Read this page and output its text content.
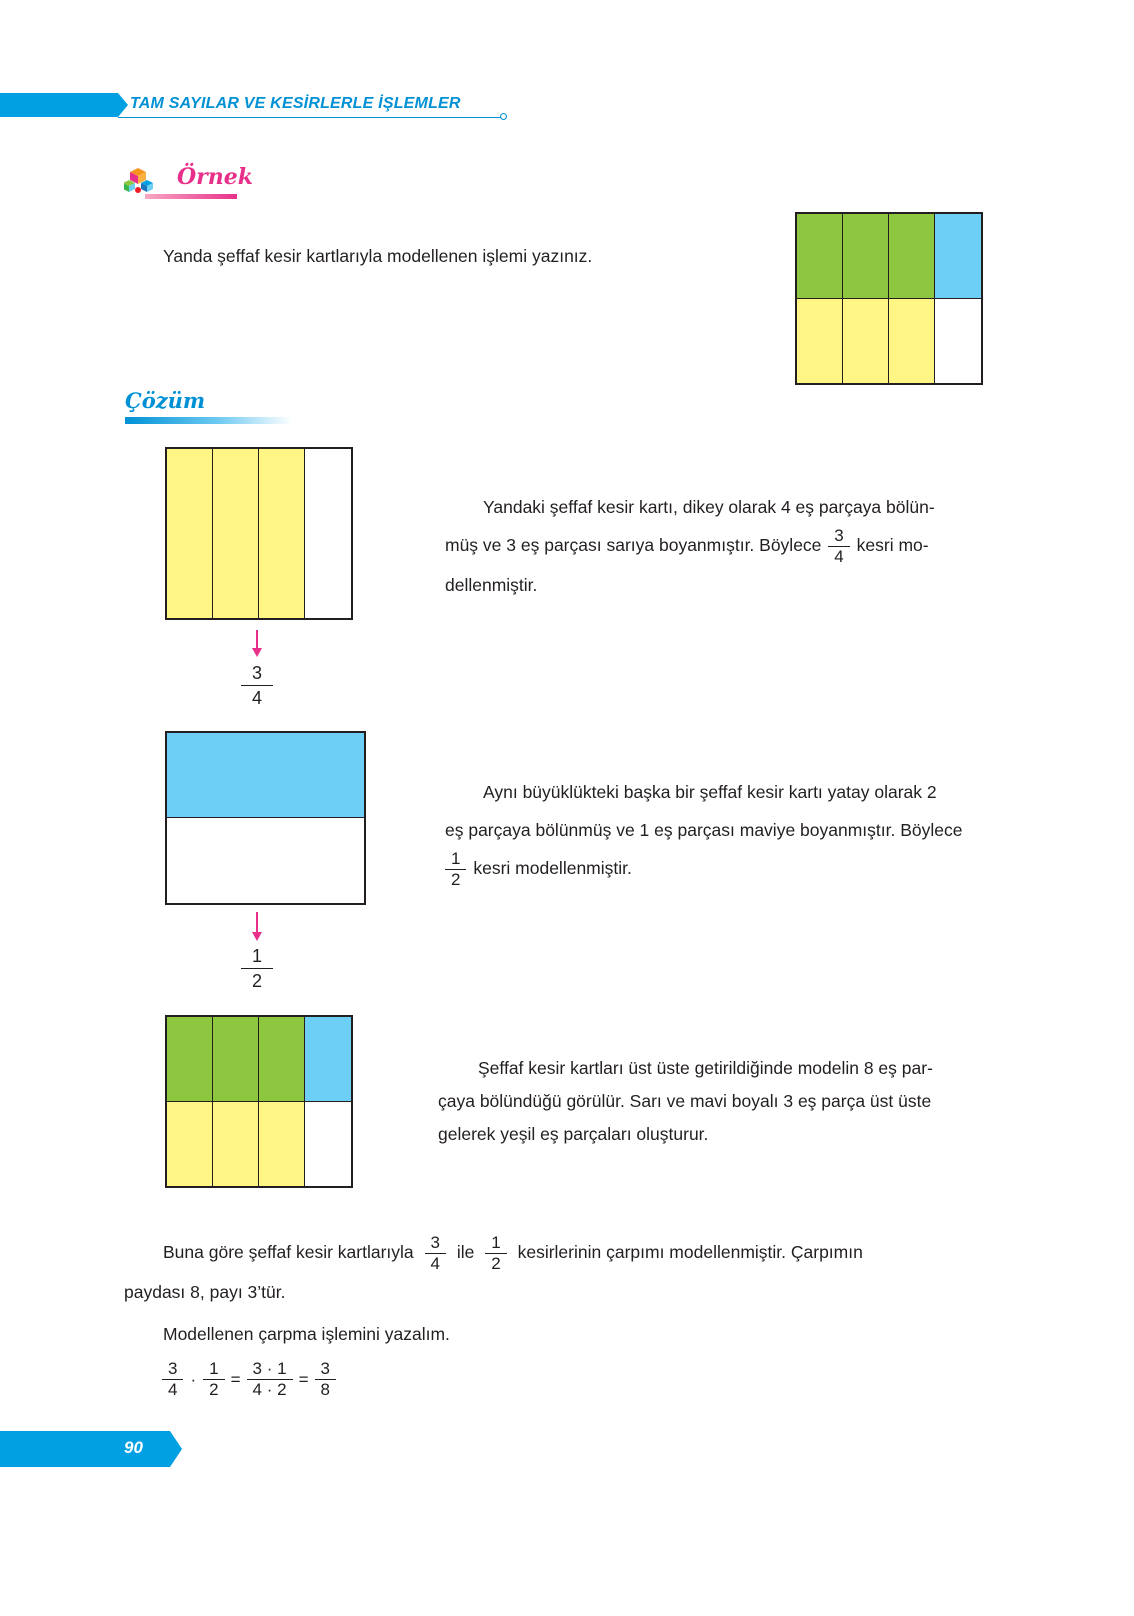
TAM SAYILAR VE KESİRLERLE İŞLEMLER
Örnek
Yanda şeffaf kesir kartlarıyla modellenen işlemi yazınız.
Çözüm
$\frac{3}{4}$
Yandaki şeffaf kesir kartı, dikey olarak 4 eş parçaya bölün-
müş ve 3 eş parçası sarıya boyanmıştır. Böylece $\frac{3}{4}$ kesri mo-
dellenmiştir.
$\frac{1}{2}$
Aynı büyüklükteki başka bir şeffaf kesir kartı yatay olarak 2
eş parçaya bölünmüş ve 1 eş parçası maviye boyanmıştır. Böylece
$\frac{1}{2}$ kesri modellenmiştir.
Şeffaf kesir kartları üst üste getirildiğinde modelin 8 eş par-
çaya bölündüğü görülür. Sarı ve mavi boyalı 3 eş parça üst üste
gelerek yeşil eş parçaları oluşturur.
Buna göre şeffaf kesir kartlarıyla $\frac{3}{4}$ ile $\frac{1}{2}$ kesirlerinin çarpımı modellenmiştir. Çarpımın
paydası 8, payı 3’tür.
Modellenen çarpma işlemini yazalım.
$\frac{3}{4} \cdot \frac{1}{2} = \frac{3 \cdot 1}{4 \cdot 2} = \frac{3}{8}$
90
